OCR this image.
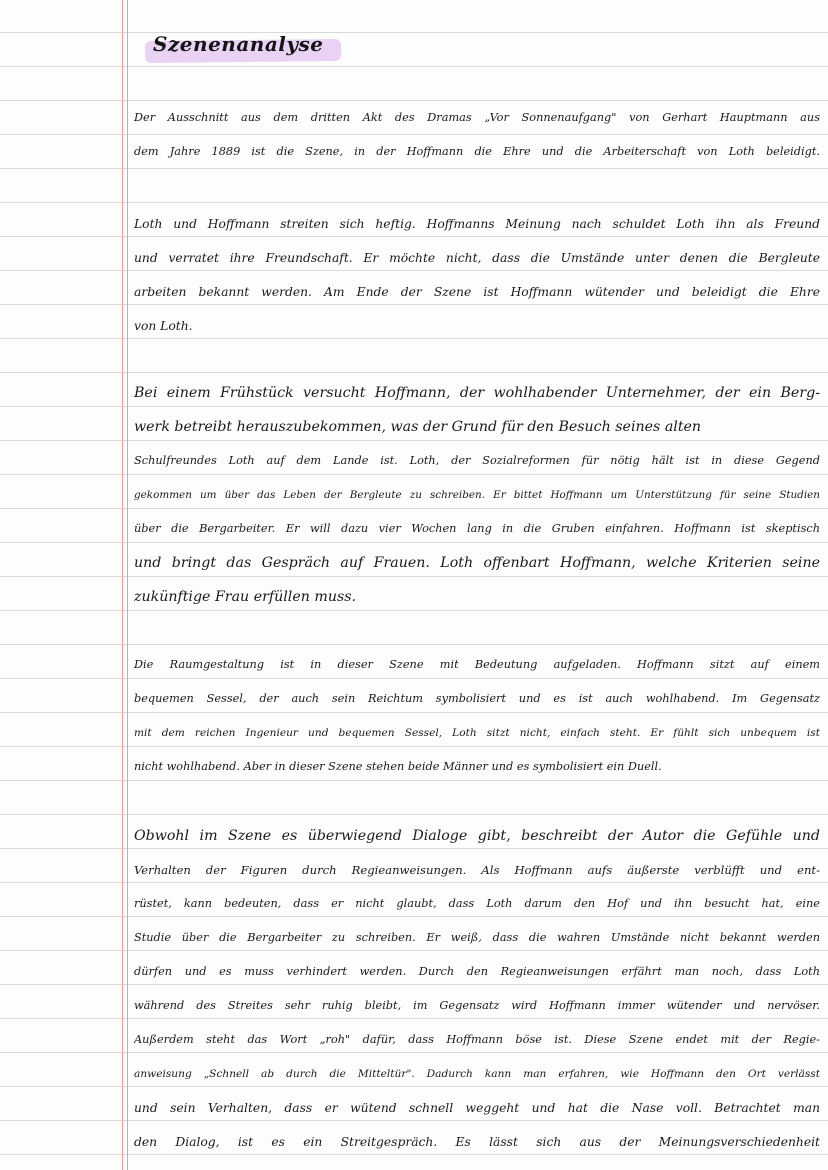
Szenenanalyse
Der Ausschnitt aus dem dritten Akt des Dramas „Vor Sonnenaufgang" von Gerhart Hauptmann aus
dem Jahre 1889 ist die Szene, in der Hoffmann die Ehre und die Arbeiterschaft von Loth beleidigt.
Loth und Hoffmann streiten sich heftig. Hoffmanns Meinung nach schuldet Loth ihn als Freund
und verratet ihre Freundschaft. Er möchte nicht, dass die Umstände unter denen die Bergleute
arbeiten bekannt werden. Am Ende der Szene ist Hoffmann wütender und beleidigt die Ehre
von Loth.
Bei einem Frühstück versucht Hoffmann, der wohlhabender Unternehmer, der ein Berg-
werk betreibt herauszubekommen, was der Grund für den Besuch seines alten
Schulfreundes Loth auf dem Lande ist. Loth, der Sozialreformen für nötig hält ist in diese Gegend
gekommen um über das Leben der Bergleute zu schreiben. Er bittet Hoffmann um Unterstützung für seine Studien
über die Bergarbeiter. Er will dazu vier Wochen lang in die Gruben einfahren. Hoffmann ist skeptisch
und bringt das Gespräch auf Frauen. Loth offenbart Hoffmann, welche Kriterien seine
zukünftige Frau erfüllen muss.
Die Raumgestaltung ist in dieser Szene mit Bedeutung aufgeladen. Hoffmann sitzt auf einem
bequemen Sessel, der auch sein Reichtum symbolisiert und es ist auch wohlhabend. Im Gegensatz
mit dem reichen Ingenieur und bequemen Sessel, Loth sitzt nicht, einfach steht. Er fühlt sich unbequem ist
nicht wohlhabend. Aber in dieser Szene stehen beide Männer und es symbolisiert ein Duell.
Obwohl im Szene es überwiegend Dialoge gibt, beschreibt der Autor die Gefühle und
Verhalten der Figuren durch Regieanweisungen. Als Hoffmann aufs äußerste verblüfft und ent-
rüstet, kann bedeuten, dass er nicht glaubt, dass Loth darum den Hof und ihn besucht hat, eine
Studie über die Bergarbeiter zu schreiben. Er weiß, dass die wahren Umstände nicht bekannt werden
dürfen und es muss verhindert werden. Durch den Regieanweisungen erfährt man noch, dass Loth
während des Streites sehr ruhig bleibt, im Gegensatz wird Hoffmann immer wütender und nervöser.
Außerdem steht das Wort „roh" dafür, dass Hoffmann böse ist. Diese Szene endet mit der Regie-
anweisung „Schnell ab durch die Mitteltür". Dadurch kann man erfahren, wie Hoffmann den Ort verlässt
und sein Verhalten, dass er wütend schnell weggeht und hat die Nase voll. Betrachtet man
den Dialog, ist es ein Streitgespräch. Es lässt sich aus der Meinungsverschiedenheit
